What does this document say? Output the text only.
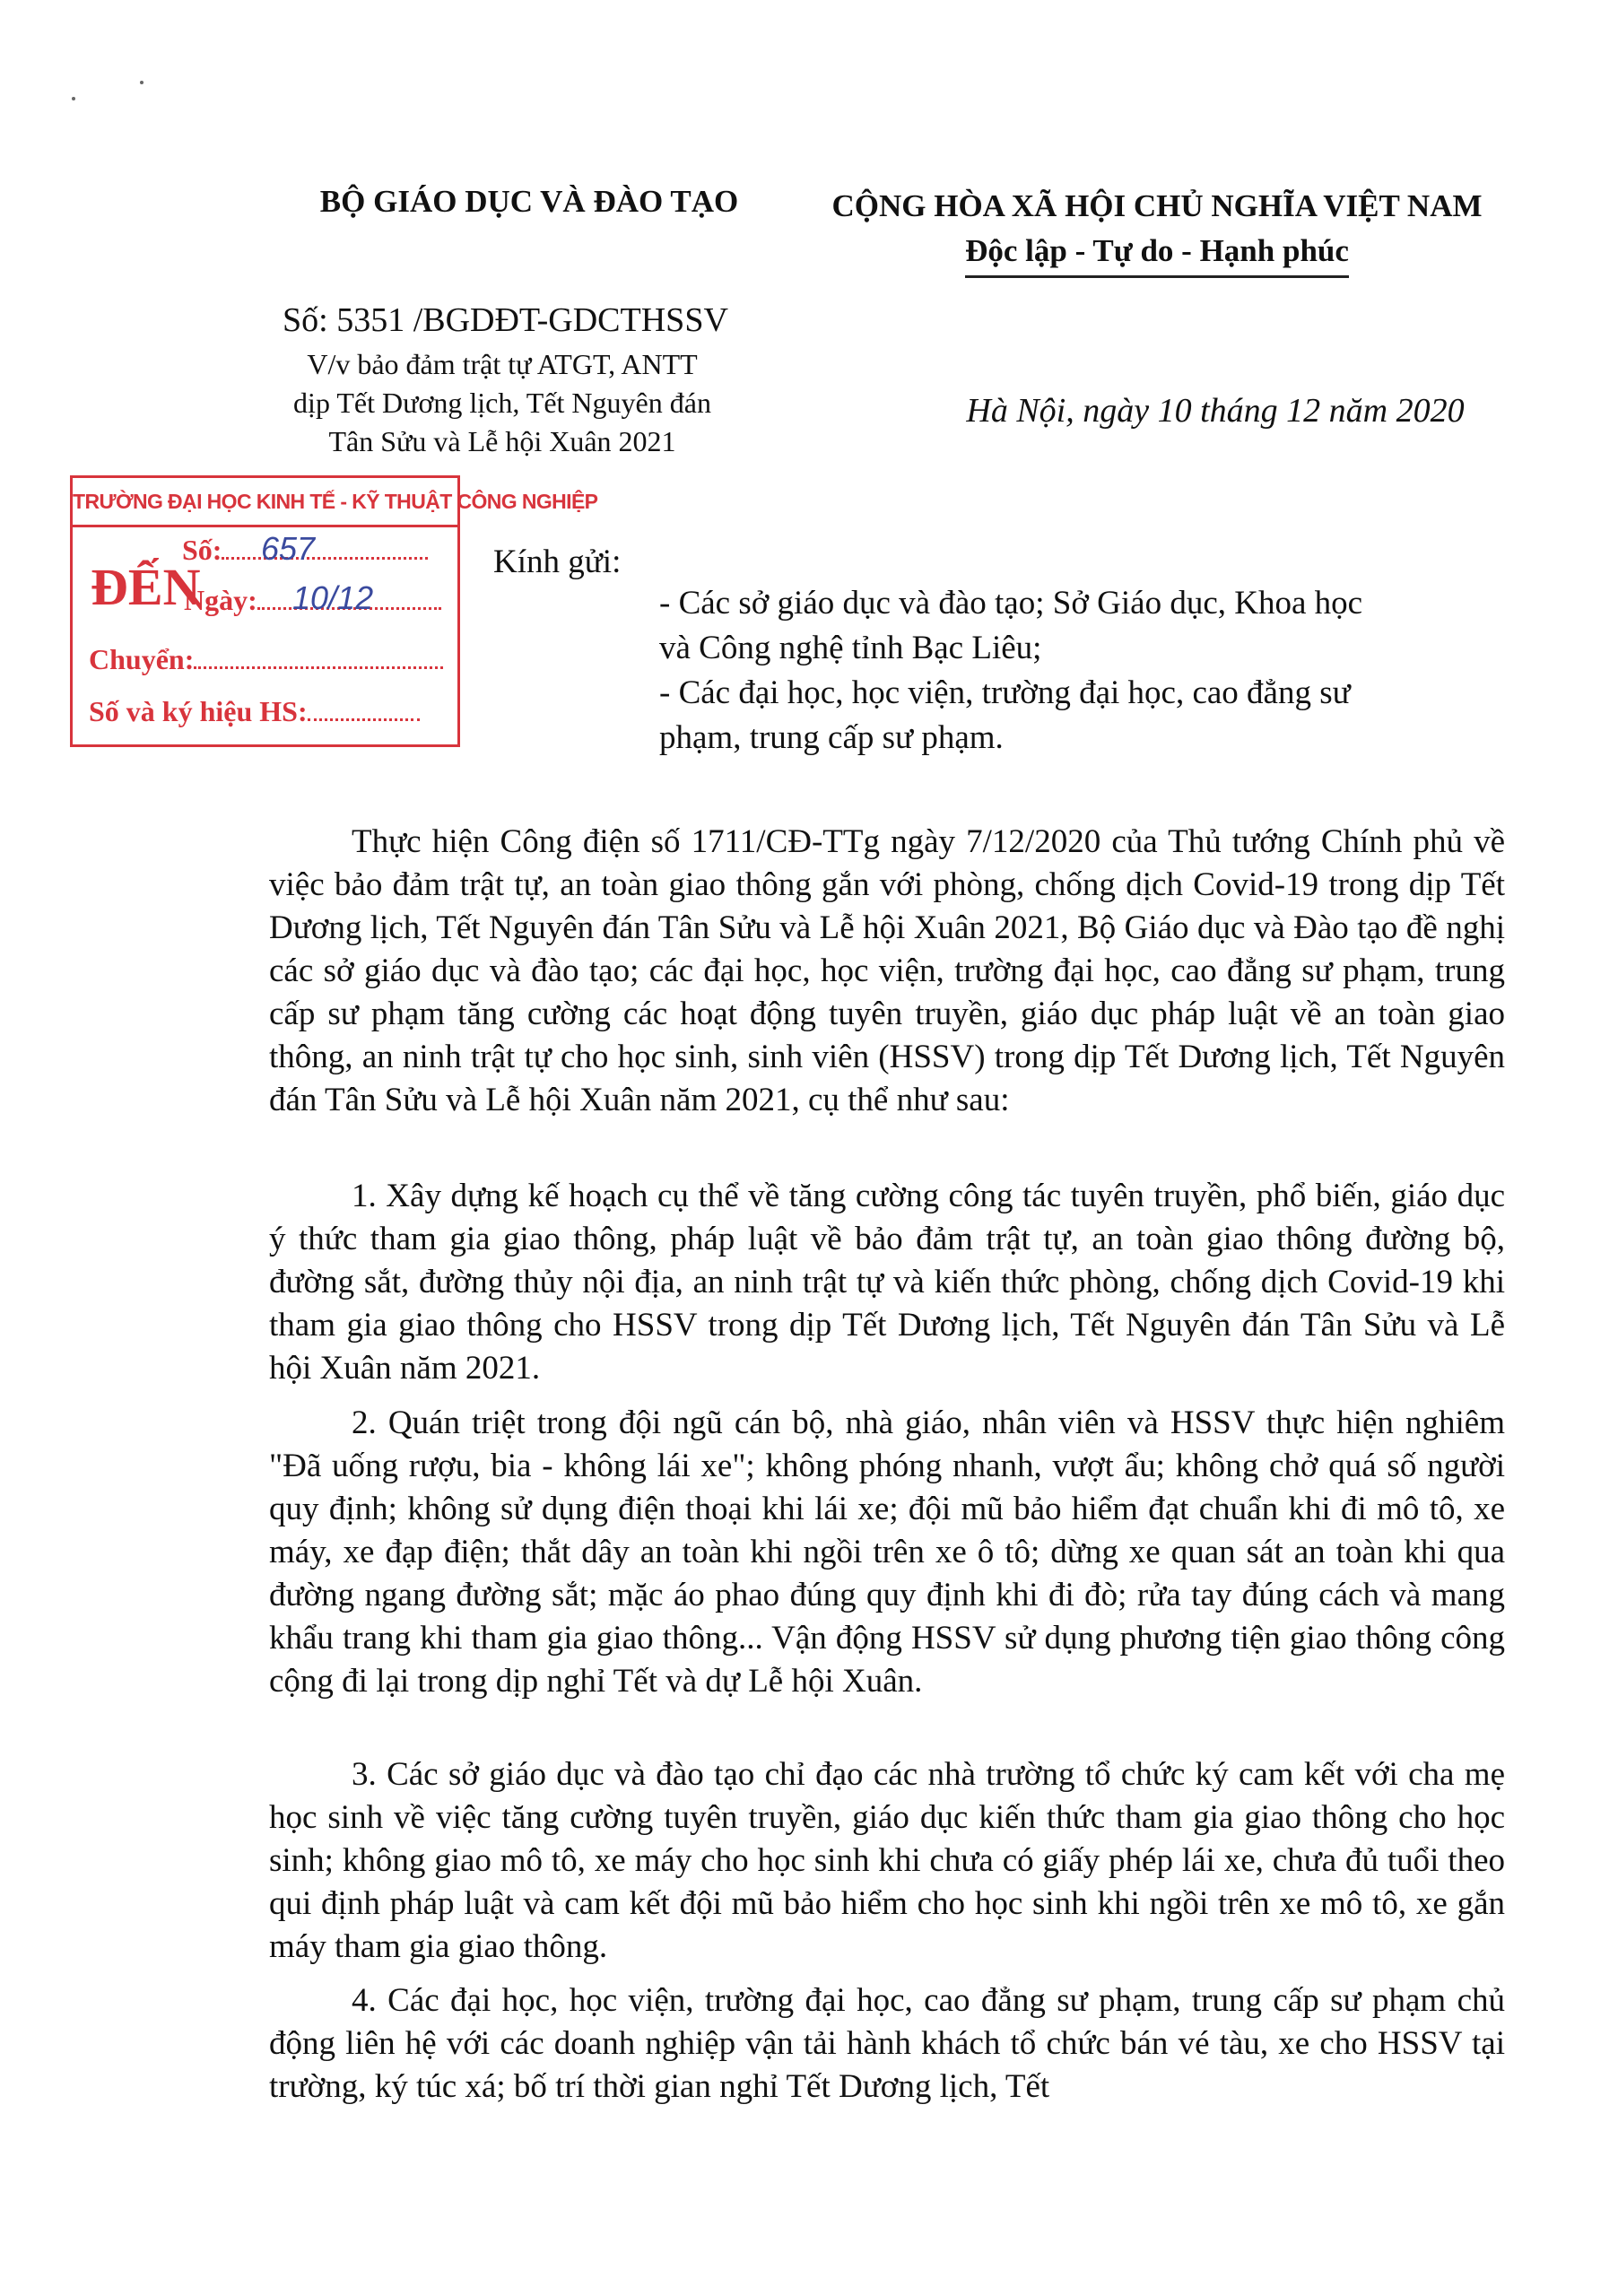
BỘ GIÁO DỤC VÀ ĐÀO TẠO	CỘNG HÒA XÃ HỘI CHỦ NGHĨA VIỆT NAM
Độc lập - Tự do - Hạnh phúc
Số: 5351 /BGDĐT-GDCTHSSV
V/v bảo đảm trật tự ATGT, ANTT
dịp Tết Dương lịch, Tết Nguyên đán
Tân Sửu và Lễ hội Xuân 2021
Hà Nội, ngày 10 tháng 12 năm 2020
TRƯỜNG ĐẠI HỌC KINH TẾ - KỸ THUẬT CÔNG NGHIỆP
ĐẾN
Số:	657
Ngày:	10/12
Chuyển:
Số và ký hiệu HS:
Kính gửi:
- Các sở giáo dục và đào tạo; Sở Giáo dục, Khoa học
và Công nghệ tỉnh Bạc Liêu;
- Các đại học, học viện, trường đại học, cao đẳng sư
phạm, trung cấp sư phạm.

Thực hiện Công điện số 1711/CĐ-TTg ngày 7/12/2020 của Thủ tướng Chính phủ về việc bảo đảm trật tự, an toàn giao thông gắn với phòng, chống dịch Covid-19 trong dịp Tết Dương lịch, Tết Nguyên đán Tân Sửu và Lễ hội Xuân 2021, Bộ Giáo dục và Đào tạo đề nghị các sở giáo dục và đào tạo; các đại học, học viện, trường đại học, cao đẳng sư phạm, trung cấp sư phạm tăng cường các hoạt động tuyên truyền, giáo dục pháp luật về an toàn giao thông, an ninh trật tự cho học sinh, sinh viên (HSSV) trong dịp Tết Dương lịch, Tết Nguyên đán Tân Sửu và Lễ hội Xuân năm 2021, cụ thể như sau:

1. Xây dựng kế hoạch cụ thể về tăng cường công tác tuyên truyền, phổ biến, giáo dục ý thức tham gia giao thông, pháp luật về bảo đảm trật tự, an toàn giao thông đường bộ, đường sắt, đường thủy nội địa, an ninh trật tự và kiến thức phòng, chống dịch Covid-19 khi tham gia giao thông cho HSSV trong dịp Tết Dương lịch, Tết Nguyên đán Tân Sửu và Lễ hội Xuân năm 2021.

2. Quán triệt trong đội ngũ cán bộ, nhà giáo, nhân viên và HSSV thực hiện nghiêm "Đã uống rượu, bia - không lái xe"; không phóng nhanh, vượt ẩu; không chở quá số người quy định; không sử dụng điện thoại khi lái xe; đội mũ bảo hiểm đạt chuẩn khi đi mô tô, xe máy, xe đạp điện; thắt dây an toàn khi ngồi trên xe ô tô; dừng xe quan sát an toàn khi qua đường ngang đường sắt; mặc áo phao đúng quy định khi đi đò; rửa tay đúng cách và mang khẩu trang khi tham gia giao thông... Vận động HSSV sử dụng phương tiện giao thông công cộng đi lại trong dịp nghỉ Tết và dự Lễ hội Xuân.

3. Các sở giáo dục và đào tạo chỉ đạo các nhà trường tổ chức ký cam kết với cha mẹ học sinh về việc tăng cường tuyên truyền, giáo dục kiến thức tham gia giao thông cho học sinh; không giao mô tô, xe máy cho học sinh khi chưa có giấy phép lái xe, chưa đủ tuổi theo qui định pháp luật và cam kết đội mũ bảo hiểm cho học sinh khi ngồi trên xe mô tô, xe gắn máy tham gia giao thông.

4. Các đại học, học viện, trường đại học, cao đẳng sư phạm, trung cấp sư phạm chủ động liên hệ với các doanh nghiệp vận tải hành khách tổ chức bán vé tàu, xe cho HSSV tại trường, ký túc xá; bố trí thời gian nghỉ Tết Dương lịch, Tết
